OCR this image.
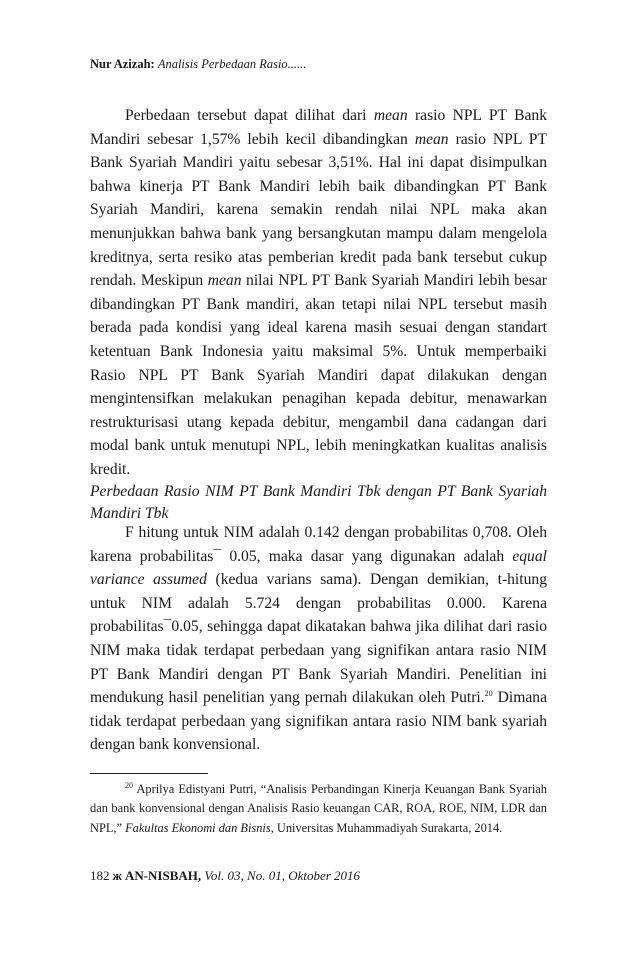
Nur Azizah: Analisis Perbedaan Rasio......

Perbedaan tersebut dapat dilihat dari mean rasio NPL PT Bank Mandiri sebesar 1,57% lebih kecil dibandingkan mean rasio NPL PT Bank Syariah Mandiri yaitu sebesar 3,51%. Hal ini dapat disimpulkan bahwa kinerja PT Bank Mandiri lebih baik dibandingkan PT Bank Syariah Mandiri, karena semakin rendah nilai NPL maka akan menunjukkan bahwa bank yang bersangkutan mampu dalam mengelola kreditnya, serta resiko atas pemberian kredit pada bank tersebut cukup rendah. Meskipun mean nilai NPL PT Bank Syariah Mandiri lebih besar dibandingkan PT Bank mandiri, akan tetapi nilai NPL tersebut masih berada pada kondisi yang ideal karena masih sesuai dengan standart ketentuan Bank Indonesia yaitu maksimal 5%. Untuk memperbaiki Rasio NPL PT Bank Syariah Mandiri dapat dilakukan dengan mengintensifkan melakukan penagihan kepada debitur, menawarkan restrukturisasi utang kepada debitur, mengambil dana cadangan dari modal bank untuk menutupi NPL, lebih meningkatkan kualitas analisis kredit.

Perbedaan Rasio NIM PT Bank Mandiri Tbk dengan PT Bank Syariah Mandiri Tbk

F hitung untuk NIM adalah 0.142 dengan probabilitas 0,708. Oleh karena probabilitas¯ 0.05, maka dasar yang digunakan adalah equal variance assumed (kedua varians sama). Dengan demikian, t-hitung untuk NIM adalah 5.724 dengan probabilitas 0.000. Karena probabilitas¯0.05, sehingga dapat dikatakan bahwa jika dilihat dari rasio NIM maka tidak terdapat perbedaan yang signifikan antara rasio NIM PT Bank Mandiri dengan PT Bank Syariah Mandiri. Penelitian ini mendukung hasil penelitian yang pernah dilakukan oleh Putri.$^{20}$ Dimana tidak terdapat perbedaan yang signifikan antara rasio NIM bank syariah dengan bank konvensional.

$^{20}$ Aprilya Edistyani Putri, “Analisis Perbandingan Kinerja Keuangan Bank Syariah dan bank konvensional dengan Analisis Rasio keuangan CAR, ROA, ROE, NIM, LDR dan NPL,” Fakultas Ekonomi dan Bisnis, Universitas Muhammadiyah Surakarta, 2014.

182 ж AN-NISBAH, Vol. 03, No. 01, Oktober 2016
